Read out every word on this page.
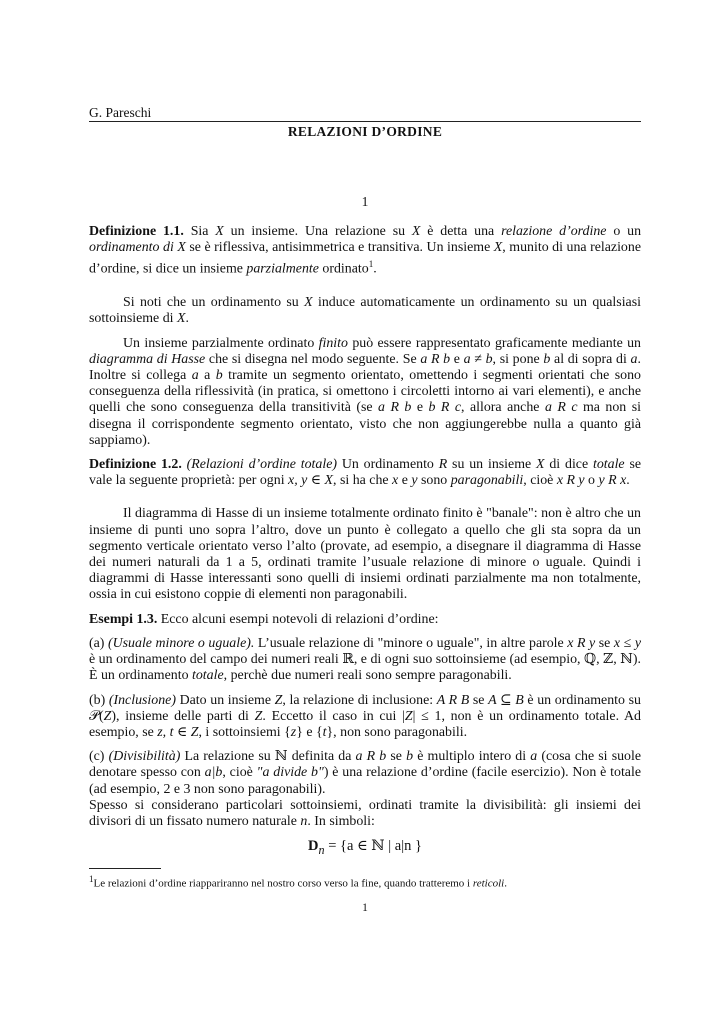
G. Pareschi
RELAZIONI D’ORDINE
1

Definizione 1.1. Sia X un insieme. Una relazione su X è detta una relazione d’ordine o un ordinamento di X se è riflessiva, antisimmetrica e transitiva. Un insieme X, munito di una relazione d’ordine, si dice un insieme parzialmente ordinato$^1$.

Si noti che un ordinamento su X induce automaticamente un ordinamento su un qualsiasi sottoinsieme di X.

Un insieme parzialmente ordinato finito può essere rappresentato graficamente mediante un diagramma di Hasse che si disegna nel modo seguente. Se a R b e a ≠ b, si pone b al di sopra di a. Inoltre si collega a a b tramite un segmento orientato, omettendo i segmenti orientati che sono conseguenza della riflessività (in pratica, si omettono i circoletti intorno ai vari elementi), e anche quelli che sono conseguenza della transitività (se a R b e b R c, allora anche a R c ma non si disegna il corrispondente segmento orientato, visto che non aggiungerebbe nulla a quanto già sappiamo).

Definizione 1.2. (Relazioni d’ordine totale) Un ordinamento R su un insieme X di dice totale se vale la seguente proprietà: per ogni x, y ∈ X, si ha che x e y sono paragonabili, cioè x R y o y R x.

Il diagramma di Hasse di un insieme totalmente ordinato finito è "banale": non è altro che un insieme di punti uno sopra l’altro, dove un punto è collegato a quello che gli sta sopra da un segmento verticale orientato verso l’alto (provate, ad esempio, a disegnare il diagramma di Hasse dei numeri naturali da 1 a 5, ordinati tramite l’usuale relazione di minore o uguale. Quindi i diagrammi di Hasse interessanti sono quelli di insiemi ordinati parzialmente ma non totalmente, ossia in cui esistono coppie di elementi non paragonabili.

Esempi 1.3. Ecco alcuni esempi notevoli di relazioni d’ordine:

(a) (Usuale minore o uguale). L’usuale relazione di "minore o uguale", in altre parole x R y se x ≤ y è un ordinamento del campo dei numeri reali ℝ, e di ogni suo sottoinsieme (ad esempio, ℚ, ℤ, ℕ). È un ordinamento totale, perchè due numeri reali sono sempre paragonabili.

(b) (Inclusione) Dato un insieme Z, la relazione di inclusione: A R B se A ⊆ B è un ordinamento su 𝒫(Z), insieme delle parti di Z. Eccetto il caso in cui |Z| ≤ 1, non è un ordinamento totale. Ad esempio, se z, t ∈ Z, i sottoinsiemi {z} e {t}, non sono paragonabili.

(c) (Divisibilità) La relazione su ℕ definita da a R b se b è multiplo intero di a (cosa che si suole denotare spesso con a|b, cioè "a divide b") è una relazione d’ordine (facile esercizio). Non è totale (ad esempio, 2 e 3 non sono paragonabili).

Spesso si considerano particolari sottoinsiemi, ordinati tramite la divisibilità: gli insiemi dei divisori di un fissato numero naturale n. In simboli:

$D_n = \{a$ ∈ ℕ | a|n }

$^1$Le relazioni d’ordine riappariranno nel nostro corso verso la fine, quando tratteremo i reticoli.
1
